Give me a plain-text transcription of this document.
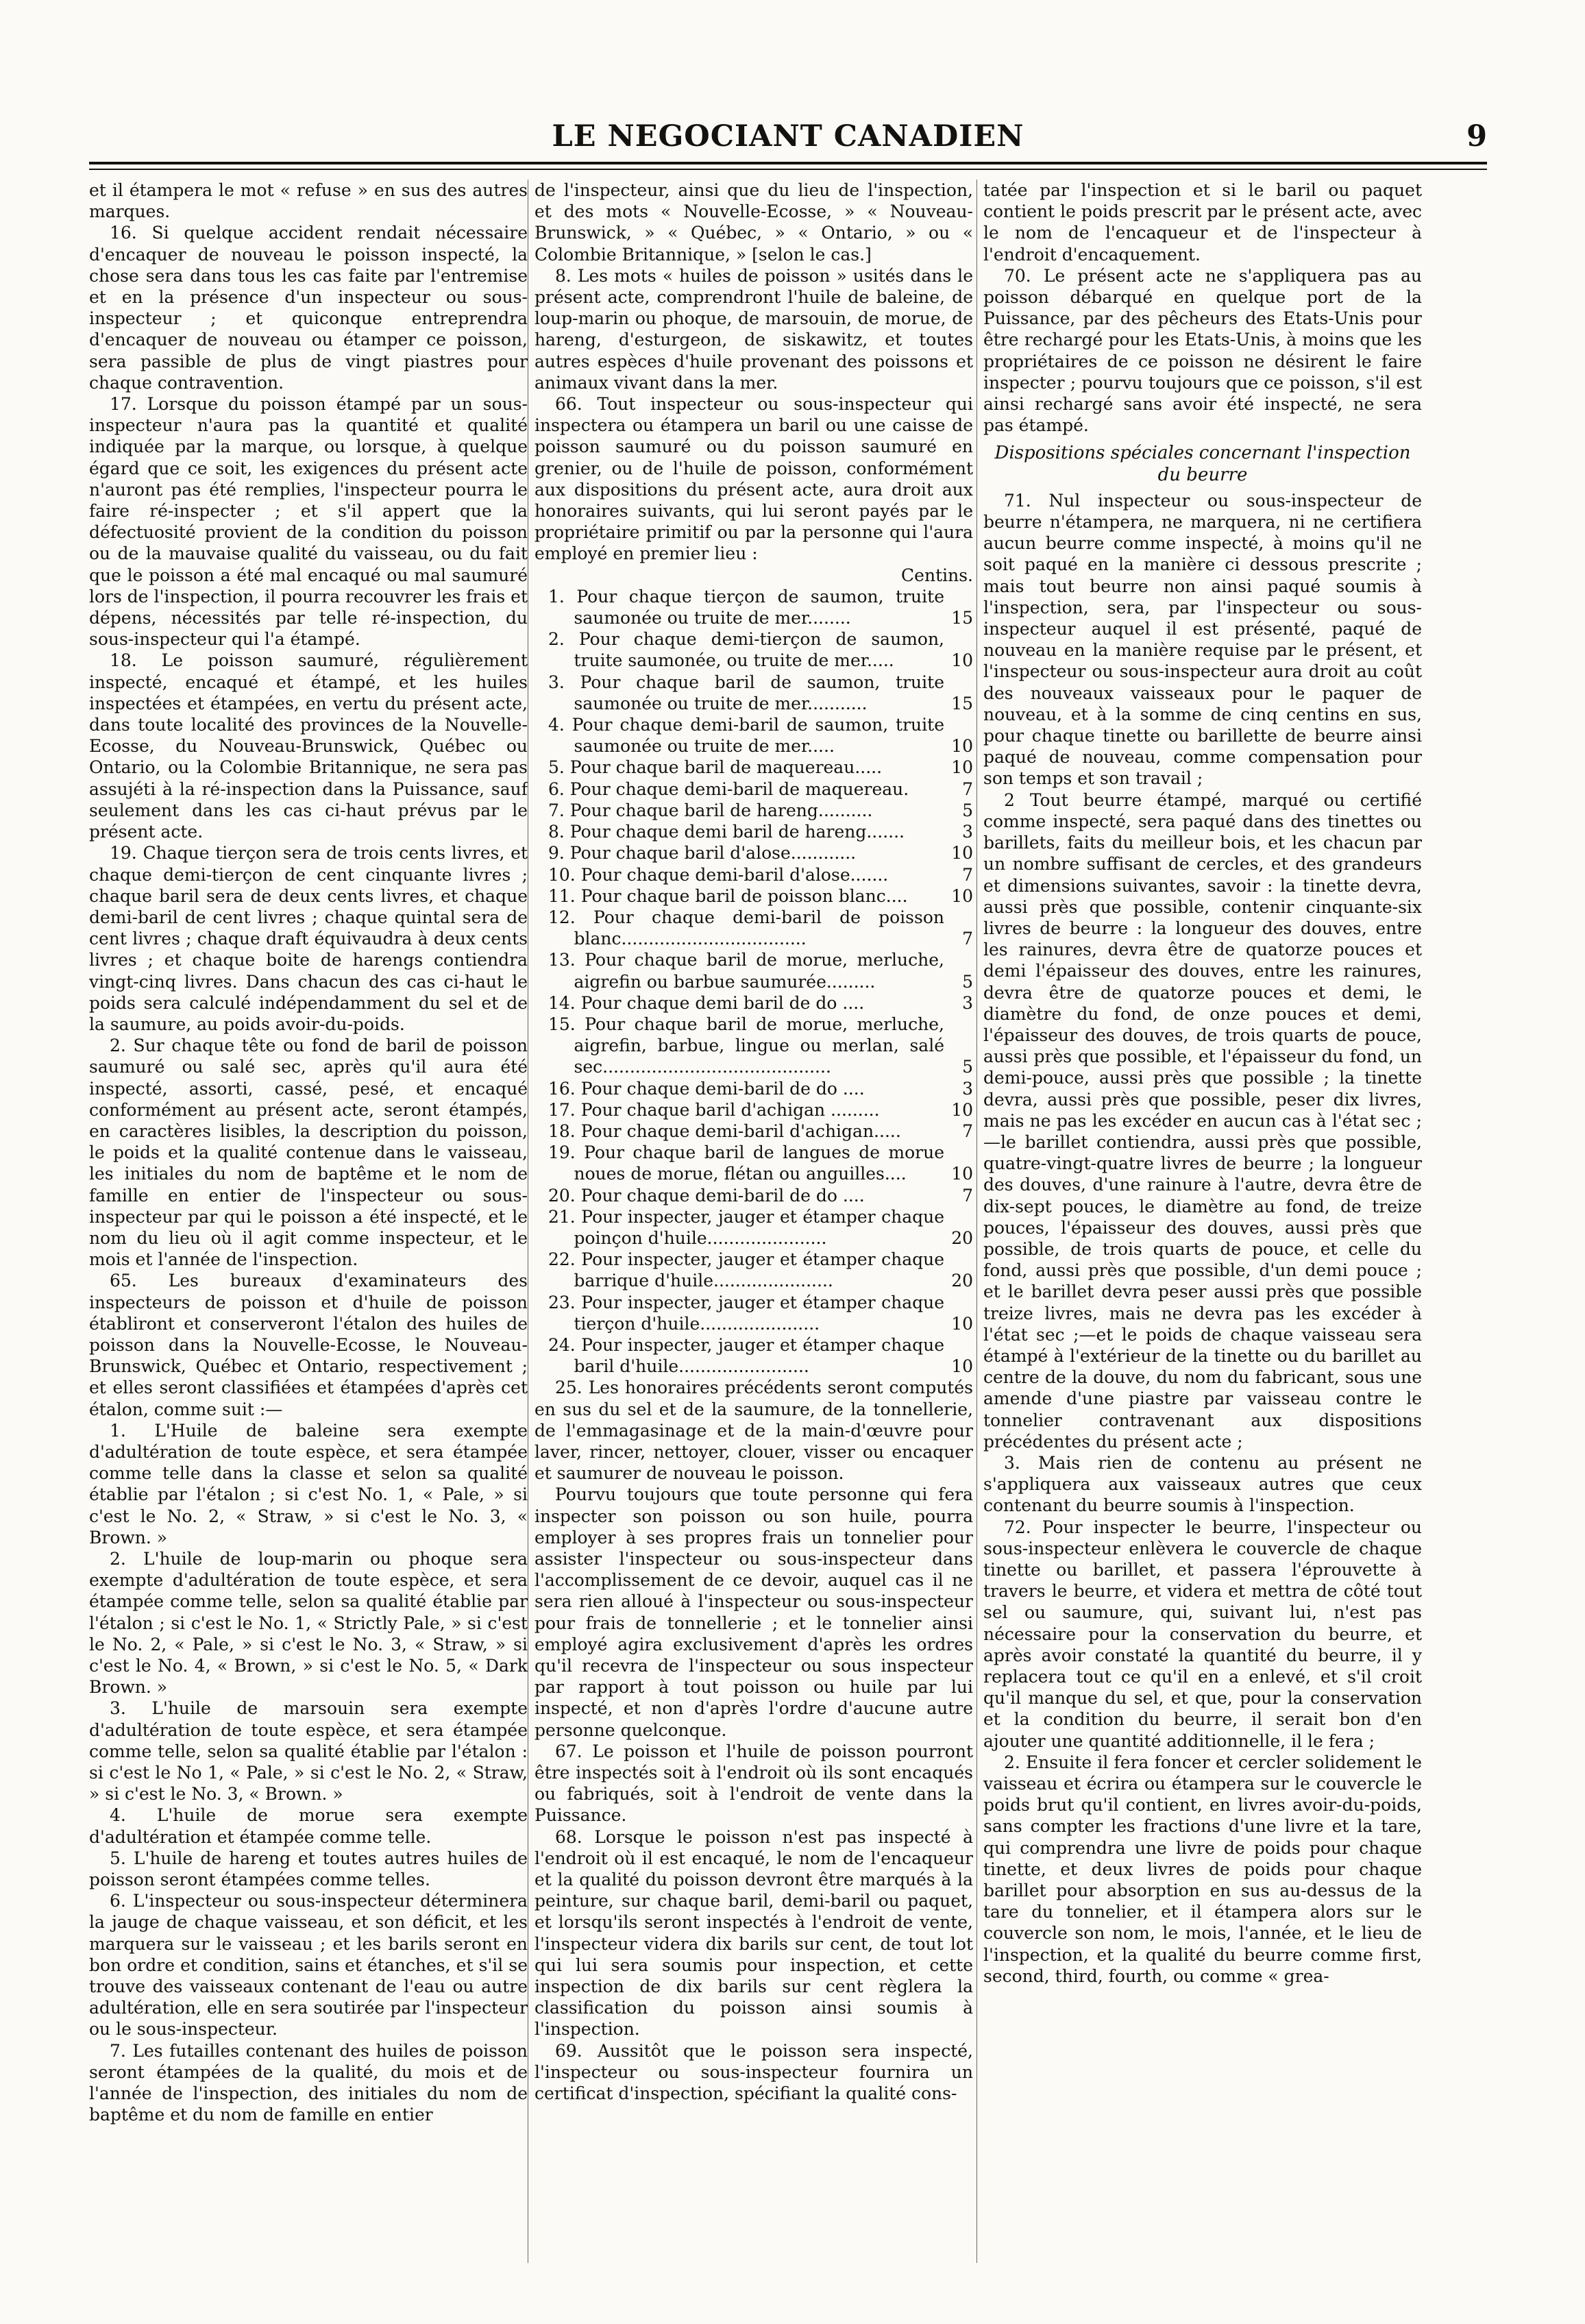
LE NEGOCIANT CANADIEN	9

et il étampera le mot « refuse » en sus des autres marques.

16. Si quelque accident rendait nécessaire d'encaquer de nouveau le poisson inspecté, la chose sera dans tous les cas faite par l'entremise et en la présence d'un inspecteur ou sous-inspecteur ; et quiconque entreprendra d'encaquer de nouveau ou étamper ce poisson, sera passible de plus de vingt piastres pour chaque contravention.

17. Lorsque du poisson étampé par un sous-inspecteur n'aura pas la quantité et qualité indiquée par la marque, ou lorsque, à quelque égard que ce soit, les exigences du présent acte n'auront pas été remplies, l'inspecteur pourra le faire ré-inspecter ; et s'il appert que la défectuosité provient de la condition du poisson ou de la mauvaise qualité du vaisseau, ou du fait que le poisson a été mal encaqué ou mal saumuré lors de l'inspection, il pourra recouvrer les frais et dépens, nécessités par telle ré-inspection, du sous-inspecteur qui l'a étampé.

18. Le poisson saumuré, régulièrement inspecté, encaqué et étampé, et les huiles inspectées et étampées, en vertu du présent acte, dans toute localité des provinces de la Nouvelle-Ecosse, du Nouveau-Brunswick, Québec ou Ontario, ou la Colombie Britannique, ne sera pas assujéti à la ré-inspection dans la Puissance, sauf seulement dans les cas ci-haut prévus par le présent acte.

19. Chaque tierçon sera de trois cents livres, et chaque demi-tierçon de cent cinquante livres ; chaque baril sera de deux cents livres, et chaque demi-baril de cent livres ; chaque quintal sera de cent livres ; chaque draft équivaudra à deux cents livres ; et chaque boite de harengs contiendra vingt-cinq livres. Dans chacun des cas ci-haut le poids sera calculé indépendamment du sel et de la saumure, au poids avoir-du-poids.

2. Sur chaque tête ou fond de baril de poisson saumuré ou salé sec, après qu'il aura été inspecté, assorti, cassé, pesé, et encaqué conformément au présent acte, seront étampés, en caractères lisibles, la description du poisson, le poids et la qualité contenue dans le vaisseau, les initiales du nom de baptême et le nom de famille en entier de l'inspecteur ou sous-inspecteur par qui le poisson a été inspecté, et le nom du lieu où il agit comme inspecteur, et le mois et l'année de l'inspection.

65. Les bureaux d'examinateurs des inspecteurs de poisson et d'huile de poisson établiront et conserveront l'étalon des huiles de poisson dans la Nouvelle-Ecosse, le Nouveau-Brunswick, Québec et Ontario, respectivement ; et elles seront classifiées et étampées d'après cet étalon, comme suit :—

1. L'Huile de baleine sera exempte d'adultération de toute espèce, et sera étampée comme telle dans la classe et selon sa qualité établie par l'étalon ; si c'est No. 1, « Pale, » si c'est le No. 2, « Straw, » si c'est le No. 3, « Brown. »

2. L'huile de loup-marin ou phoque sera exempte d'adultération de toute espèce, et sera étampée comme telle, selon sa qualité établie par l'étalon ; si c'est le No. 1, « Strictly Pale, » si c'est le No. 2, « Pale, » si c'est le No. 3, « Straw, » si c'est le No. 4, « Brown, » si c'est le No. 5, « Dark Brown. »

3. L'huile de marsouin sera exempte d'adultération de toute espèce, et sera étampée comme telle, selon sa qualité établie par l'étalon : si c'est le No 1, « Pale, » si c'est le No. 2, « Straw, » si c'est le No. 3, « Brown. »

4. L'huile de morue sera exempte d'adultération et étampée comme telle.

5. L'huile de hareng et toutes autres huiles de poisson seront étampées comme telles.

6. L'inspecteur ou sous-inspecteur déterminera la jauge de chaque vaisseau, et son déficit, et les marquera sur le vaisseau ; et les barils seront en bon ordre et condition, sains et étanches, et s'il se trouve des vaisseaux contenant de l'eau ou autre adultération, elle en sera soutirée par l'inspecteur ou le sous-inspecteur.

7. Les futailles contenant des huiles de poisson seront étampées de la qualité, du mois et de l'année de l'inspection, des initiales du nom de baptême et du nom de famille en entier

de l'inspecteur, ainsi que du lieu de l'inspection, et des mots « Nouvelle-Ecosse, » « Nouveau-Brunswick, » « Québec, » « Ontario, » ou « Colombie Britannique, » [selon le cas.]

8. Les mots « huiles de poisson » usités dans le présent acte, comprendront l'huile de baleine, de loup-marin ou phoque, de marsouin, de morue, de hareng, d'esturgeon, de siskawitz, et toutes autres espèces d'huile provenant des poissons et animaux vivant dans la mer.

66. Tout inspecteur ou sous-inspecteur qui inspectera ou étampera un baril ou une caisse de poisson saumuré ou du poisson saumuré en grenier, ou de l'huile de poisson, conformément aux dispositions du présent acte, aura droit aux honoraires suivants, qui lui seront payés par le propriétaire primitif ou par la personne qui l'aura employé en premier lieu :

Centins.

1. Pour chaque tierçon de saumon, truite saumonée ou truite de mer........	15
2. Pour chaque demi-tierçon de saumon, truite saumonée, ou truite de mer.....	10
3. Pour chaque baril de saumon, truite saumonée ou truite de mer...........	15
4. Pour chaque demi-baril de saumon, truite saumonée ou truite de mer.....	10
5. Pour chaque baril de maquereau.....	10
6. Pour chaque demi-baril de maquereau.	7
7. Pour chaque baril de hareng..........	5
8. Pour chaque demi baril de hareng.......	3
9. Pour chaque baril d'alose............	10
10. Pour chaque demi-baril d'alose.......	7
11. Pour chaque baril de poisson blanc....	10
12. Pour chaque demi-baril de poisson blanc..................................	7
13. Pour chaque baril de morue, merluche, aigrefin ou barbue saumurée.........	5
14. Pour chaque demi baril de do ....	3
15. Pour chaque baril de morue, merluche, aigrefin, barbue, lingue ou merlan, salé sec..........................................	5
16. Pour chaque demi-baril de do ....	3
17. Pour chaque baril d'achigan .........	10
18. Pour chaque demi-baril d'achigan.....	7
19. Pour chaque baril de langues de morue noues de morue, flétan ou anguilles....	10
20. Pour chaque demi-baril de do ....	7
21. Pour inspecter, jauger et étamper chaque poinçon d'huile......................	20
22. Pour inspecter, jauger et étamper chaque barrique d'huile......................	20
23. Pour inspecter, jauger et étamper chaque tierçon d'huile......................	10
24. Pour inspecter, jauger et étamper chaque baril d'huile........................	10

25. Les honoraires précédents seront computés en sus du sel et de la saumure, de la tonnellerie, de l'emmagasinage et de la main-d'œuvre pour laver, rincer, nettoyer, clouer, visser ou encaquer et saumurer de nouveau le poisson.

Pourvu toujours que toute personne qui fera inspecter son poisson ou son huile, pourra employer à ses propres frais un tonnelier pour assister l'inspecteur ou sous-inspecteur dans l'accomplissement de ce devoir, auquel cas il ne sera rien alloué à l'inspecteur ou sous-inspecteur pour frais de tonnellerie ; et le tonnelier ainsi employé agira exclusivement d'après les ordres qu'il recevra de l'inspecteur ou sous inspecteur par rapport à tout poisson ou huile par lui inspecté, et non d'après l'ordre d'aucune autre personne quelconque.

67. Le poisson et l'huile de poisson pourront être inspectés soit à l'endroit où ils sont encaqués ou fabriqués, soit à l'endroit de vente dans la Puissance.

68. Lorsque le poisson n'est pas inspecté à l'endroit où il est encaqué, le nom de l'encaqueur et la qualité du poisson devront être marqués à la peinture, sur chaque baril, demi-baril ou paquet, et lorsqu'ils seront inspectés à l'endroit de vente, l'inspecteur videra dix barils sur cent, de tout lot qui lui sera soumis pour inspection, et cette inspection de dix barils sur cent règlera la classification du poisson ainsi soumis à l'inspection.

69. Aussitôt que le poisson sera inspecté, l'inspecteur ou sous-inspecteur fournira un certificat d'inspection, spécifiant la qualité cons-

tatée par l'inspection et si le baril ou paquet contient le poids prescrit par le présent acte, avec le nom de l'encaqueur et de l'inspecteur à l'endroit d'encaquement.

70. Le présent acte ne s'appliquera pas au poisson débarqué en quelque port de la Puissance, par des pêcheurs des Etats-Unis pour être rechargé pour les Etats-Unis, à moins que les propriétaires de ce poisson ne désirent le faire inspecter ; pourvu toujours que ce poisson, s'il est ainsi rechargé sans avoir été inspecté, ne sera pas étampé.

Dispositions spéciales concernant l'inspection du beurre

71. Nul inspecteur ou sous-inspecteur de beurre n'étampera, ne marquera, ni ne certifiera aucun beurre comme inspecté, à moins qu'il ne soit paqué en la manière ci dessous prescrite ; mais tout beurre non ainsi paqué soumis à l'inspection, sera, par l'inspecteur ou sous-inspecteur auquel il est présenté, paqué de nouveau en la manière requise par le présent, et l'inspecteur ou sous-inspecteur aura droit au coût des nouveaux vaisseaux pour le paquer de nouveau, et à la somme de cinq centins en sus, pour chaque tinette ou barillette de beurre ainsi paqué de nouveau, comme compensation pour son temps et son travail ;

2 Tout beurre étampé, marqué ou certifié comme inspecté, sera paqué dans des tinettes ou barillets, faits du meilleur bois, et les chacun par un nombre suffisant de cercles, et des grandeurs et dimensions suivantes, savoir : la tinette devra, aussi près que possible, contenir cinquante-six livres de beurre : la longueur des douves, entre les rainures, devra être de quatorze pouces et demi l'épaisseur des douves, entre les rainures, devra être de quatorze pouces et demi, le diamètre du fond, de onze pouces et demi, l'épaisseur des douves, de trois quarts de pouce, aussi près que possible, et l'épaisseur du fond, un demi-pouce, aussi près que possible ; la tinette devra, aussi près que possible, peser dix livres, mais ne pas les excéder en aucun cas à l'état sec ;—le barillet contiendra, aussi près que possible, quatre-vingt-quatre livres de beurre ; la longueur des douves, d'une rainure à l'autre, devra être de dix-sept pouces, le diamètre au fond, de treize pouces, l'épaisseur des douves, aussi près que possible, de trois quarts de pouce, et celle du fond, aussi près que possible, d'un demi pouce ; et le barillet devra peser aussi près que possible treize livres, mais ne devra pas les excéder à l'état sec ;—et le poids de chaque vaisseau sera étampé à l'extérieur de la tinette ou du barillet au centre de la douve, du nom du fabricant, sous une amende d'une piastre par vaisseau contre le tonnelier contravenant aux dispositions précédentes du présent acte ;

3. Mais rien de contenu au présent ne s'appliquera aux vaisseaux autres que ceux contenant du beurre soumis à l'inspection.

72. Pour inspecter le beurre, l'inspecteur ou sous-inspecteur enlèvera le couvercle de chaque tinette ou barillet, et passera l'éprouvette à travers le beurre, et videra et mettra de côté tout sel ou saumure, qui, suivant lui, n'est pas nécessaire pour la conservation du beurre, et après avoir constaté la quantité du beurre, il y replacera tout ce qu'il en a enlevé, et s'il croit qu'il manque du sel, et que, pour la conservation et la condition du beurre, il serait bon d'en ajouter une quantité additionnelle, il le fera ;

2. Ensuite il fera foncer et cercler solidement le vaisseau et écrira ou étampera sur le couvercle le poids brut qu'il contient, en livres avoir-du-poids, sans compter les fractions d'une livre et la tare, qui comprendra une livre de poids pour chaque tinette, et deux livres de poids pour chaque barillet pour absorption en sus au-dessus de la tare du tonnelier, et il étampera alors sur le couvercle son nom, le mois, l'année, et le lieu de l'inspection, et la qualité du beurre comme first, second, third, fourth, ou comme « grea-
